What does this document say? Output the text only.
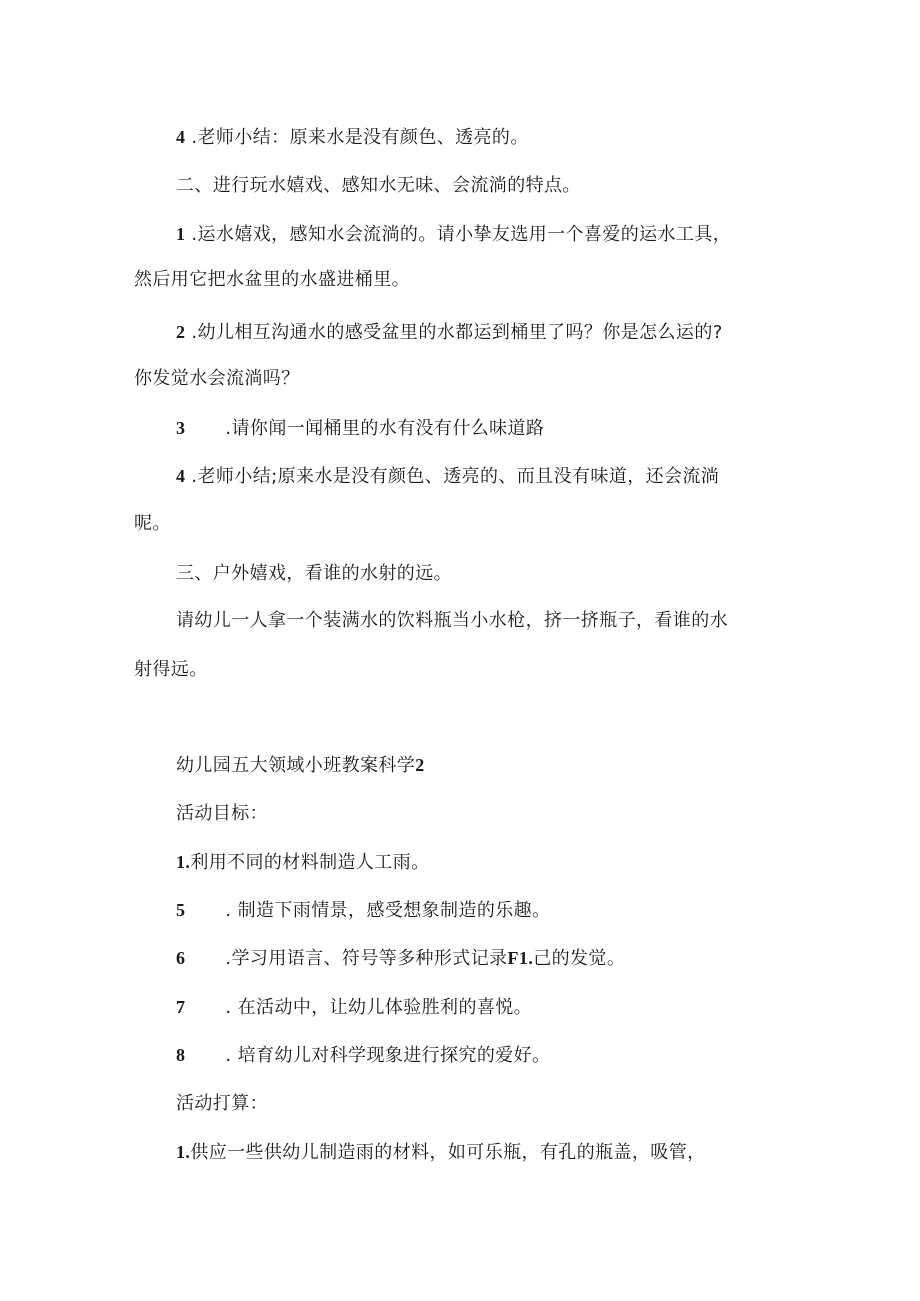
4 .老师小结：原来水是没有颜色、透亮的。
二、进行玩水嬉戏、感知水无味、会流淌的特点。
1 .运水嬉戏，感知水会流淌的。请小挚友选用一个喜爱的运水工具，
然后用它把水盆里的水盛进桶里。
2 .幼儿相互沟通水的感受盆里的水都运到桶里了吗？你是怎么运的?
你发觉水会流淌吗？
3 .请你闻一闻桶里的水有没有什么味道路
4 .老师小结;原来水是没有颜色、透亮的、而且没有味道，还会流淌
呢。
三、户外嬉戏，看谁的水射的远。
请幼儿一人拿一个装满水的饮料瓶当小水枪，挤一挤瓶子，看谁的水
射得远。
幼儿园五大领域小班教案科学2
活动目标：
1.利用不同的材料制造人工雨。
5 . 制造下雨情景，感受想象制造的乐趣。
6 .学习用语言、符号等多种形式记录F1.己的发觉。
7 . 在活动中，让幼儿体验胜利的喜悦。
8 . 培育幼儿对科学现象进行探究的爱好。
活动打算：
1.供应一些供幼儿制造雨的材料，如可乐瓶，有孔的瓶盖，吸管，
